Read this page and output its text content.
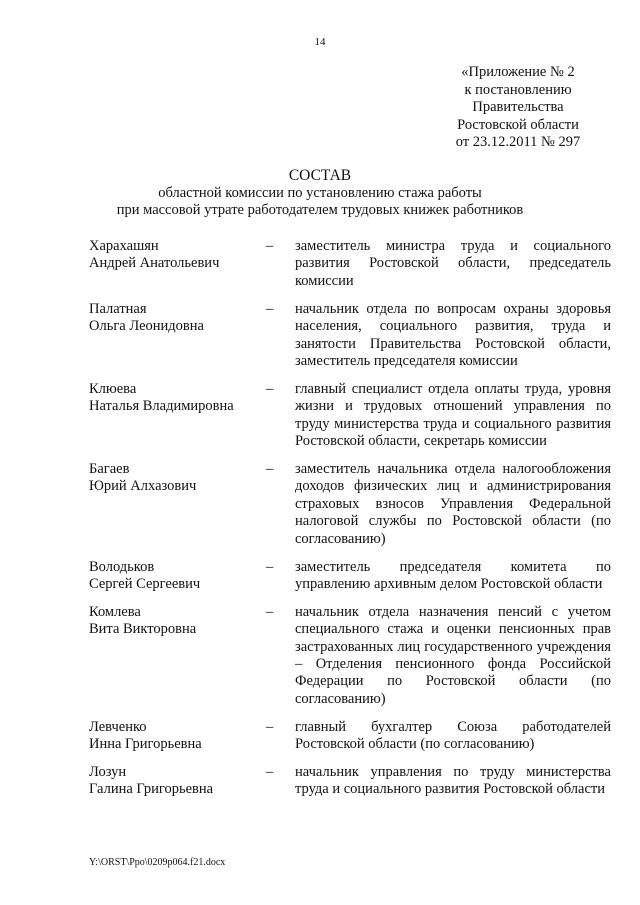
14
«Приложение № 2
к постановлению
Правительства
Ростовской области
от 23.12.2011 № 297
СОСТАВ
областной комиссии по установлению стажа работы
при массовой утрате работодателем трудовых книжек работников
Харахашян
Андрей Анатольевич
–	заместитель министра труда и социального развития Ростовской области, председатель комиссии
Палатная
Ольга Леонидовна
–	начальник отдела по вопросам охраны здоровья населения, социального развития, труда и занятости Правительства Ростовской области, заместитель председателя комиссии
Клюева
Наталья Владимировна
–	главный специалист отдела оплаты труда, уровня жизни и трудовых отношений управления по труду министерства труда и социального развития Ростовской области, секретарь комиссии
Багаев
Юрий Алхазович
–	заместитель начальника отдела налогообложения доходов физических лиц и администрирования страховых взносов Управления Федеральной налоговой службы по Ростовской области (по согласованию)
Володьков
Сергей Сергеевич
–	заместитель председателя комитета по управлению архивным делом Ростовской области
Комлева
Вита Викторовна
–	начальник отдела назначения пенсий с учетом специального стажа и оценки пенсионных прав застрахованных лиц государственного учреждения – Отделения пенсионного фонда Российской Федерации по Ростовской области (по согласованию)
Левченко
Инна Григорьевна
–	главный бухгалтер Союза работодателей Ростовской области (по согласованию)
Лозун
Галина Григорьевна
–	начальник управления по труду министерства труда и социального развития Ростовской области
Y:\ORST\Ppo\0209p064.f21.docx
